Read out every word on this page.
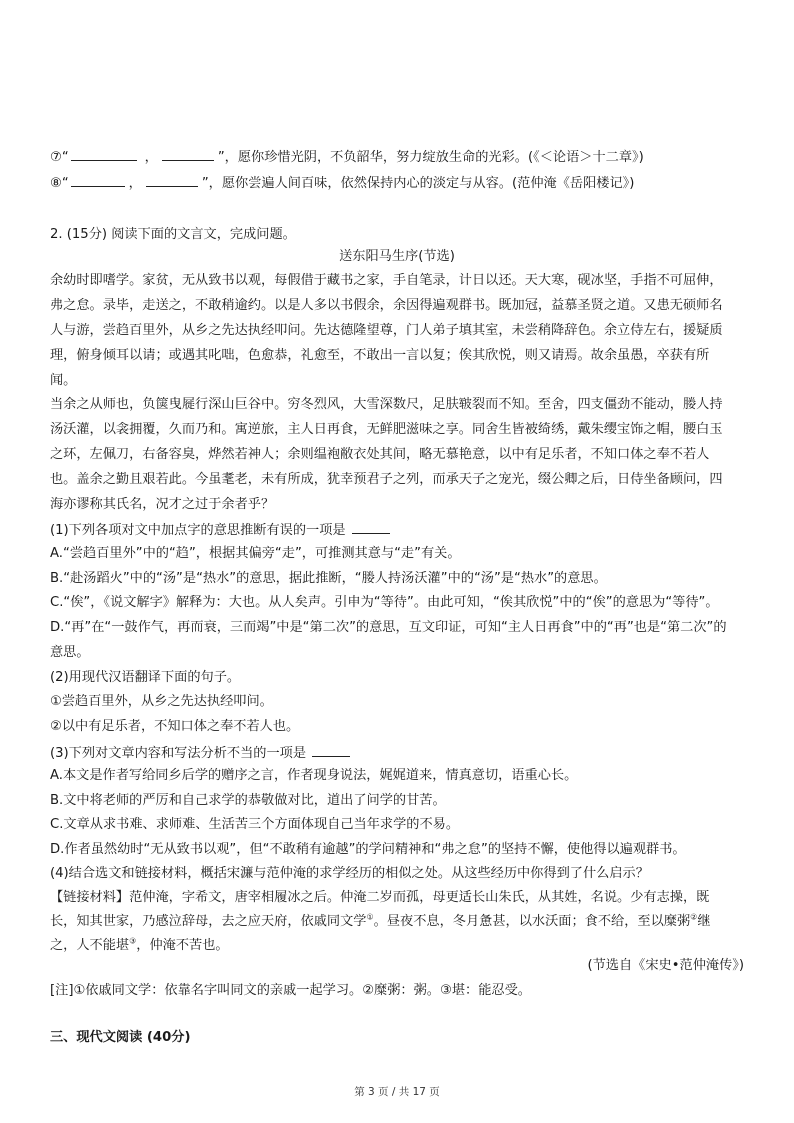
⑦“	，	”，愿你珍惜光阴，不负韶华，努力绽放生命的光彩。(《＜论语＞十二章》)
⑧“	，	”，愿你尝遍人间百味，依然保持内心的淡定与从容。(范仲淹《岳阳楼记》)
2. (15分) 阅读下面的文言文，完成问题。
送东阳马生序(节选)
余幼时即嗜学。家贫，无从致书以观，每假借于藏书之家，手自笔录，计日以还。天大寒，砚冰坚，手指不可屈伸，
弗之怠。录毕，走送之，不敢稍逾约。以是人多以书假余，余因得遍观群书。既加冠，益慕圣贤之道。又患无硕师名
人与游，尝趋百里外，从乡之先达执经叩问。先达德隆望尊，门人弟子填其室，未尝稍降辞色。余立侍左右，援疑质
理，俯身倾耳以请；或遇其叱咄，色愈恭，礼愈至，不敢出一言以复；俟其欣悦，则又请焉。故余虽愚，卒获有所
闻。
当余之从师也，负箧曳屣行深山巨谷中。穷冬烈风，大雪深数尺，足肤皲裂而不知。至舍，四支僵劲不能动，媵人持
汤沃灌，以衾拥覆，久而乃和。寓逆旅，主人日再食，无鲜肥滋味之享。同舍生皆被绮绣，戴朱缨宝饰之帽，腰白玉
之环，左佩刀，右备容臭，烨然若神人；余则缊袍敝衣处其间，略无慕艳意，以中有足乐者，不知口体之奉不若人
也。盖余之勤且艰若此。今虽耄老，未有所成，犹幸预君子之列，而承天子之宠光，缀公卿之后，日侍坐备顾问，四
海亦谬称其氏名，况才之过于余者乎？
(1)下列各项对文中加点字的意思推断有误的一项是
A.“尝趋百里外”中的“趋”，根据其偏旁“走”，可推测其意与“走”有关。
B.“赴汤蹈火”中的“汤”是“热水”的意思，据此推断，“媵人持汤沃灌”中的“汤”是“热水”的意思。
C.“俟”，《说文解字》解释为：大也。从人矣声。引申为“等待”。由此可知，“俟其欣悦”中的“俟”的意思为“等待”。
D.“再”在“一鼓作气，再而衰，三而竭”中是“第二次”的意思，互文印证，可知“主人日再食”中的“再”也是“第二次”的
意思。
(2)用现代汉语翻译下面的句子。
①尝趋百里外，从乡之先达执经叩问。
②以中有足乐者，不知口体之奉不若人也。
(3)下列对文章内容和写法分析不当的一项是
A.本文是作者写给同乡后学的赠序之言，作者现身说法，娓娓道来，情真意切，语重心长。
B.文中将老师的严厉和自己求学的恭敬做对比，道出了问学的甘苦。
C.文章从求书难、求师难、生活苦三个方面体现自己当年求学的不易。
D.作者虽然幼时“无从致书以观”，但“不敢稍有逾越”的学问精神和“弗之怠”的坚持不懈，使他得以遍观群书。
(4)结合选文和链接材料，概括宋濂与范仲淹的求学经历的相似之处。从这些经历中你得到了什么启示？
【链接材料】范仲淹，字希文，唐宰相履冰之后。仲淹二岁而孤，母更适长山朱氏，从其姓，名说。少有志操，既
长，知其世家，乃感泣辞母，去之应天府，依戚同文学①。昼夜不息，冬月惫甚，以水沃面；食不给，至以糜粥②继
之，人不能堪③，仲淹不苦也。
(节选自《宋史•范仲淹传》)
[注]①依戚同文学：依靠名字叫同文的亲戚一起学习。②糜粥：粥。③堪：能忍受。
三、现代文阅读 (40分)
第 3 页 / 共 17 页
